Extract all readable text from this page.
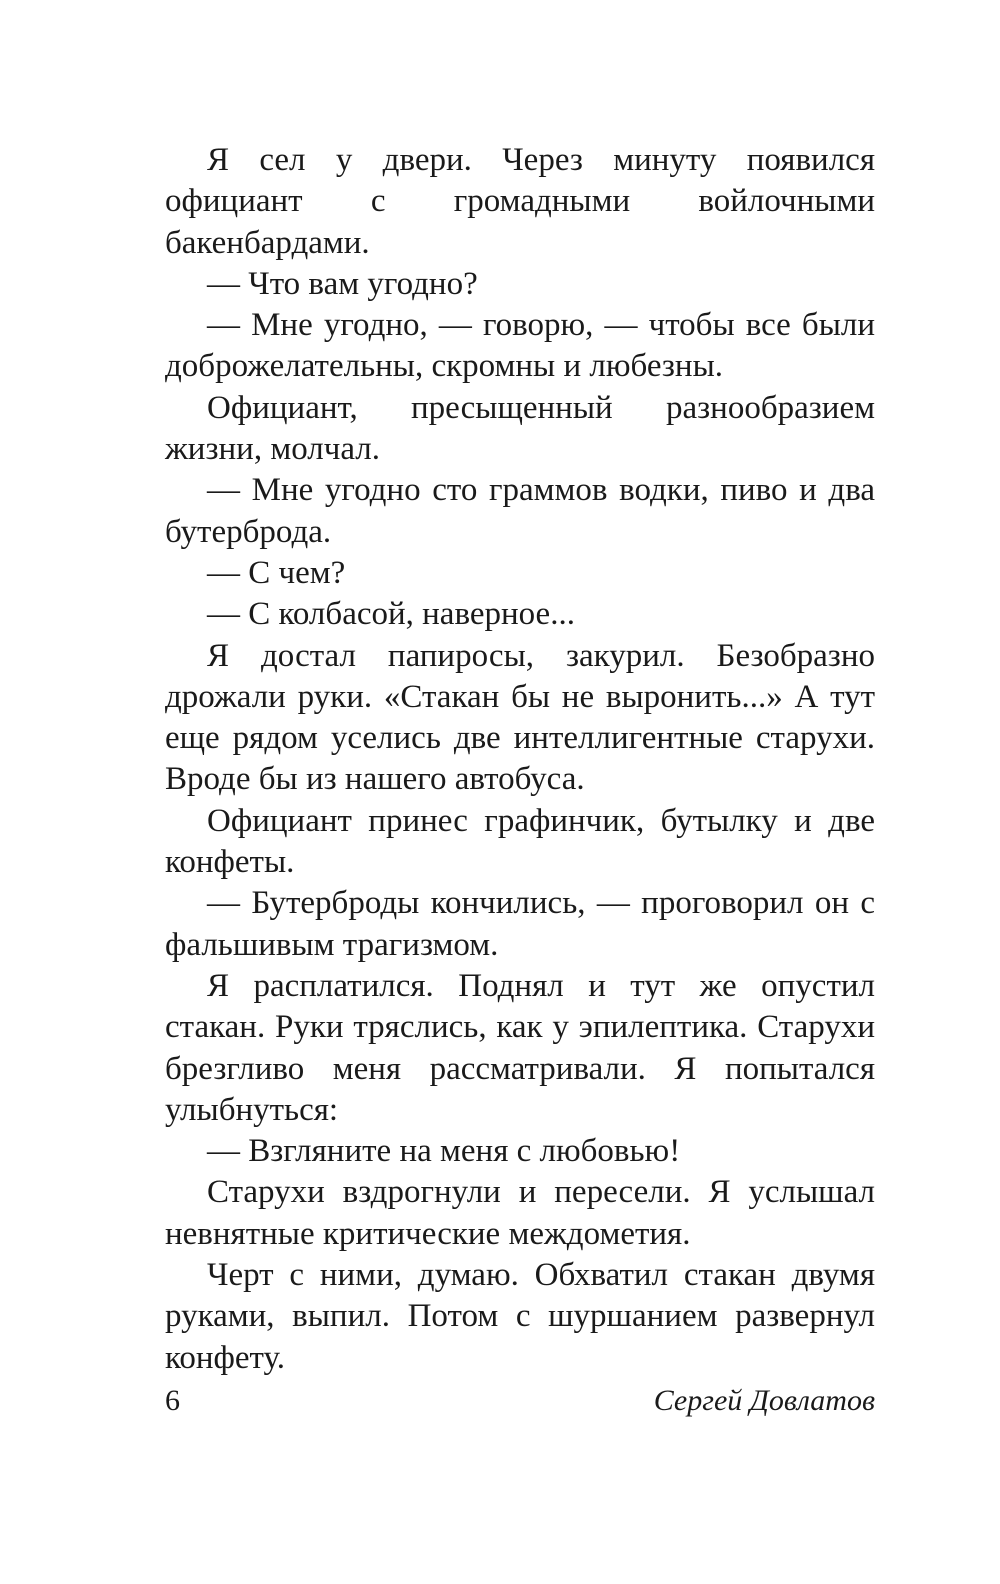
Я сел у двери. Через минуту появился официант с громадными войлочными бакенбардами.

— Что вам угодно?

— Мне угодно, — говорю, — чтобы все были доброжелательны, скромны и любезны.

Официант, пресыщенный разнообразием жизни, молчал.

— Мне угодно сто граммов водки, пиво и два бутерброда.

— С чем?

— С колбасой, наверное...

Я достал папиросы, закурил. Безобразно дрожали руки. «Стакан бы не выронить...» А тут еще рядом уселись две интеллигентные старухи. Вроде бы из нашего автобуса.

Официант принес графинчик, бутылку и две конфеты.

— Бутерброды кончились, — проговорил он с фальшивым трагизмом.

Я расплатился. Поднял и тут же опустил стакан. Руки тряслись, как у эпилептика. Старухи брезгливо меня рассматривали. Я попытался улыбнуться:

— Взгляните на меня с любовью!

Старухи вздрогнули и пересели. Я услышал невнятные критические междометия.

Черт с ними, думаю. Обхватил стакан двумя руками, выпил. Потом с шуршанием развернул конфету.

6	Сергей Довлатов
